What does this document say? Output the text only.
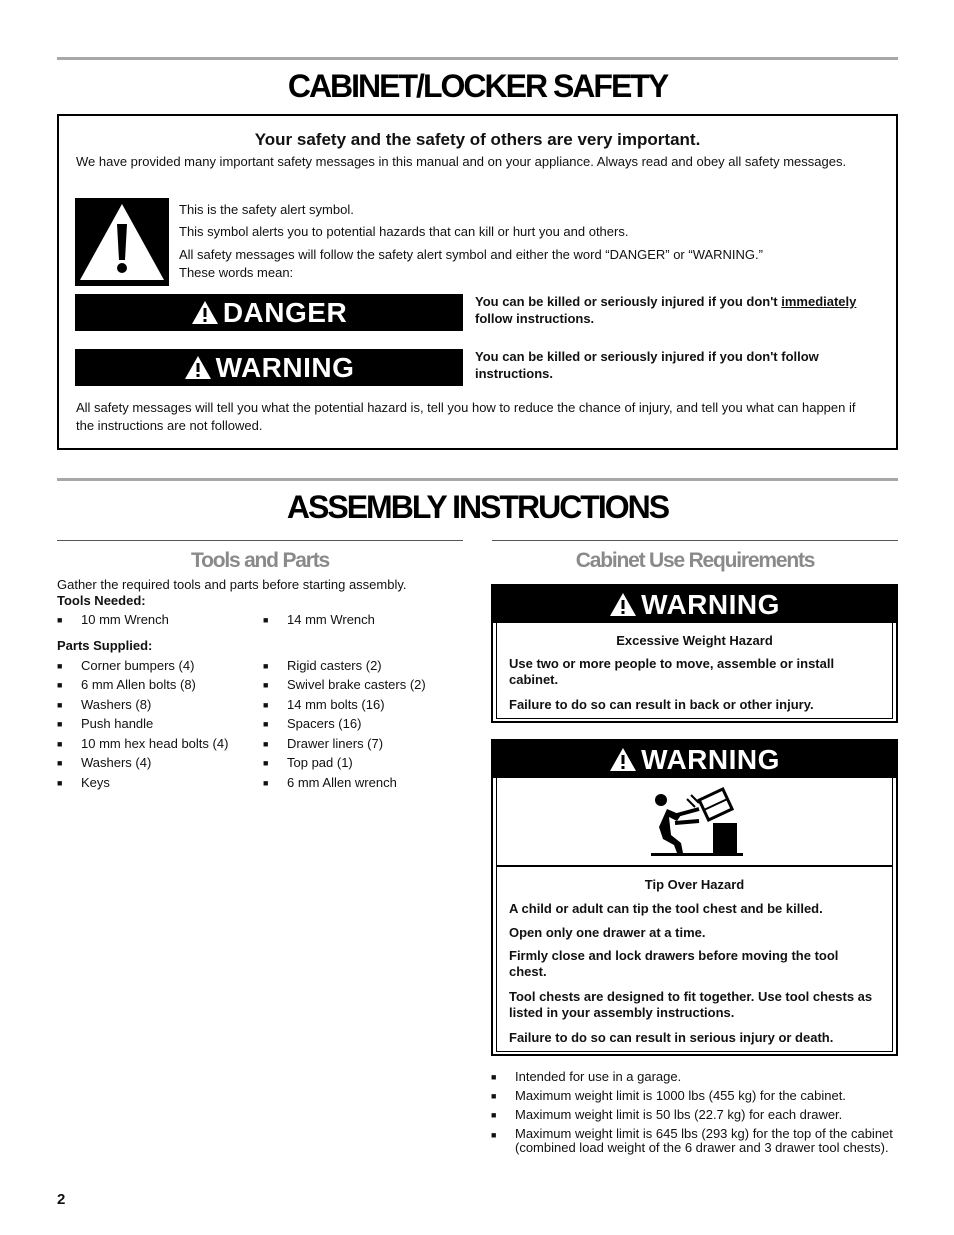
CABINET/LOCKER SAFETY
Your safety and the safety of others are very important.
We have provided many important safety messages in this manual and on your appliance. Always read and obey all safety messages.
This is the safety alert symbol.
This symbol alerts you to potential hazards that can kill or hurt you and others.
All safety messages will follow the safety alert symbol and either the word “DANGER” or “WARNING.”
These words mean:
DANGER	You can be killed or seriously injured if you don't immediately
follow instructions.
WARNING	You can be killed or seriously injured if you don't follow
instructions.
All safety messages will tell you what the potential hazard is, tell you how to reduce the chance of injury, and tell you what can happen if the instructions are not followed.
ASSEMBLY INSTRUCTIONS
Tools and Parts
Gather the required tools and parts before starting assembly.
Tools Needed:
■ 10 mm Wrench	■ 14 mm Wrench
Parts Supplied:
■ Corner bumpers (4)
■ 6 mm Allen bolts (8)
■ Washers (8)
■ Push handle
■ 10 mm hex head bolts (4)
■ Washers (4)
■ Keys
■ Rigid casters (2)
■ Swivel brake casters (2)
■ 14 mm bolts (16)
■ Spacers (16)
■ Drawer liners (7)
■ Top pad (1)
■ 6 mm Allen wrench
Cabinet Use Requirements
WARNING
Excessive Weight Hazard
Use two or more people to move, assemble or install cabinet.
Failure to do so can result in back or other injury.
WARNING
Tip Over Hazard
A child or adult can tip the tool chest and be killed.
Open only one drawer at a time.
Firmly close and lock drawers before moving the tool chest.
Tool chests are designed to fit together. Use tool chests as listed in your assembly instructions.
Failure to do so can result in serious injury or death.
■ Intended for use in a garage.
■ Maximum weight limit is 1000 lbs (455 kg) for the cabinet.
■ Maximum weight limit is 50 lbs (22.7 kg) for each drawer.
■ Maximum weight limit is 645 lbs (293 kg) for the top of the cabinet (combined load weight of the 6 drawer and 3 drawer tool chests).
2
